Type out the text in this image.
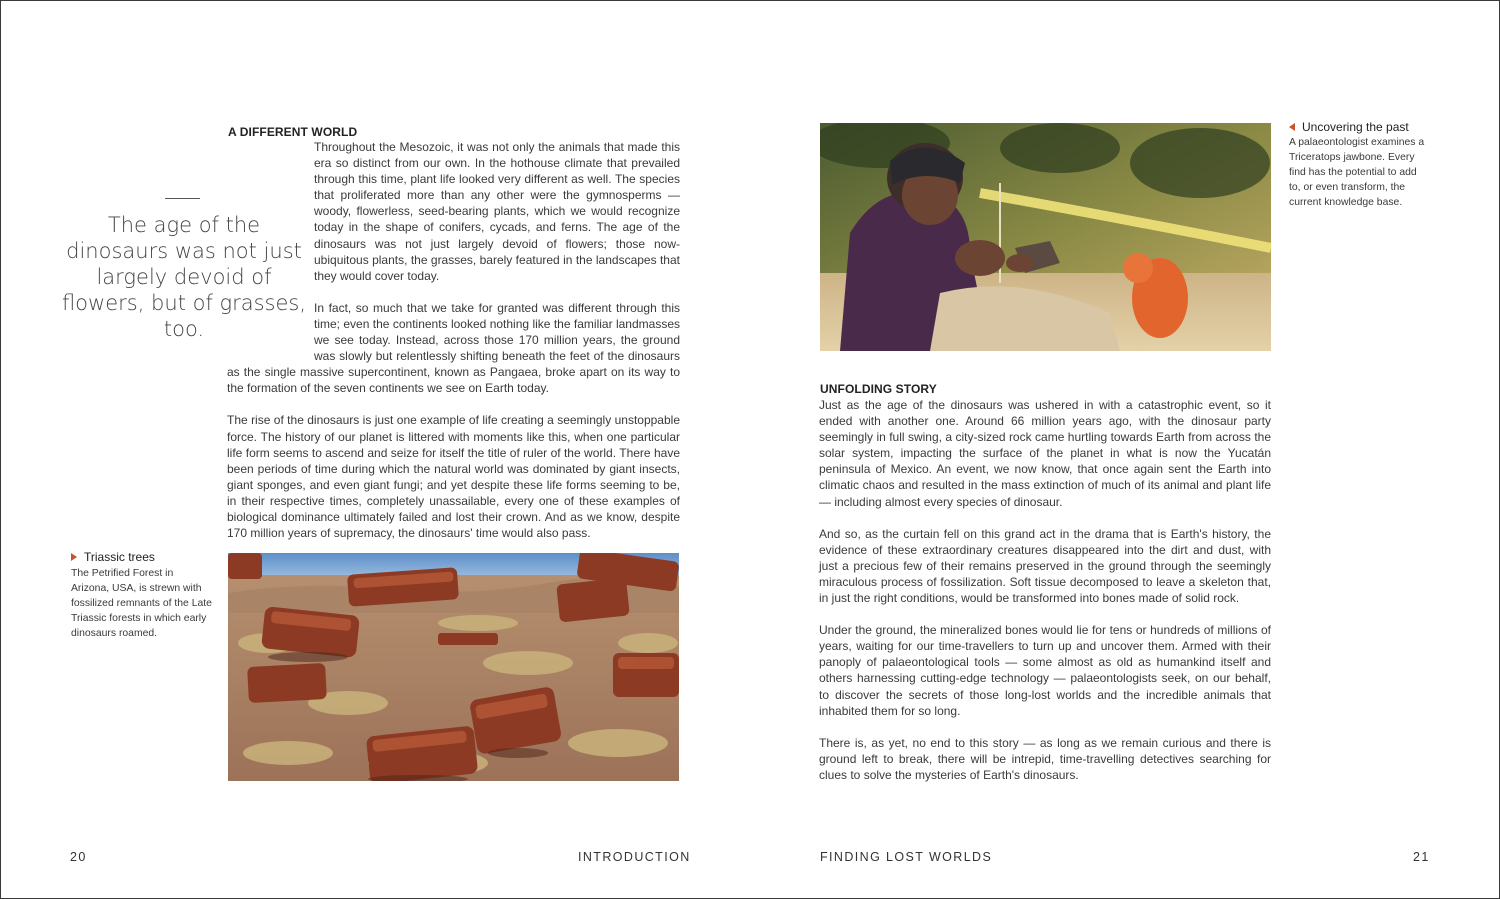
A DIFFERENT WORLD
The age of the dinosaurs was not just largely devoid of flowers, but of grasses, too.

Throughout the Mesozoic, it was not only the animals that made this era so distinct from our own. In the hothouse climate that prevailed through this time, plant life looked very different as well. The species that proliferated more than any other were the gymnosperms — woody, flowerless, seed-bearing plants, which we would recognize today in the shape of conifers, cycads, and ferns. The age of the dinosaurs was not just largely devoid of flowers; those now-ubiquitous plants, the grasses, barely featured in the landscapes that they would cover today.

In fact, so much that we take for granted was different through this time; even the continents looked nothing like the familiar landmasses we see today. Instead, across those 170 million years, the ground was slowly but relentlessly shifting beneath the feet of the dinosaurs as the single massive supercontinent, known as Pangaea, broke apart on its way to the formation of the seven continents we see on Earth today.

The rise of the dinosaurs is just one example of life creating a seemingly unstoppable force. The history of our planet is littered with moments like this, when one particular life form seems to ascend and seize for itself the title of ruler of the world. There have been periods of time during which the natural world was dominated by giant insects, giant sponges, and even giant fungi; and yet despite these life forms seeming to be, in their respective times, completely unassailable, every one of these examples of biological dominance ultimately failed and lost their crown. And as we know, despite 170 million years of supremacy, the dinosaurs' time would also pass.

Triassic trees
The Petrified Forest in Arizona, USA, is strewn with fossilized remnants of the Late Triassic forests in which early dinosaurs roamed.
Uncovering the past
A palaeontologist examines a Triceratops jawbone. Every find has the potential to add to, or even transform, the current knowledge base.
UNFOLDING STORY

Just as the age of the dinosaurs was ushered in with a catastrophic event, so it ended with another one. Around 66 million years ago, with the dinosaur party seemingly in full swing, a city-sized rock came hurtling towards Earth from across the solar system, impacting the surface of the planet in what is now the Yucatán peninsula of Mexico. An event, we now know, that once again sent the Earth into climatic chaos and resulted in the mass extinction of much of its animal and plant life — including almost every species of dinosaur.

And so, as the curtain fell on this grand act in the drama that is Earth's history, the evidence of these extraordinary creatures disappeared into the dirt and dust, with just a precious few of their remains preserved in the ground through the seemingly miraculous process of fossilization. Soft tissue decomposed to leave a skeleton that, in just the right conditions, would be transformed into bones made of solid rock.

Under the ground, the mineralized bones would lie for tens or hundreds of millions of years, waiting for our time-travellers to turn up and uncover them. Armed with their panoply of palaeontological tools — some almost as old as humankind itself and others harnessing cutting-edge technology — palaeontologists seek, on our behalf, to discover the secrets of those long-lost worlds and the incredible animals that inhabited them for so long.

There is, as yet, no end to this story — as long as we remain curious and there is ground left to break, there will be intrepid, time-travelling detectives searching for clues to solve the mysteries of Earth's dinosaurs.

20	INTRODUCTION	FINDING LOST WORLDS	21
